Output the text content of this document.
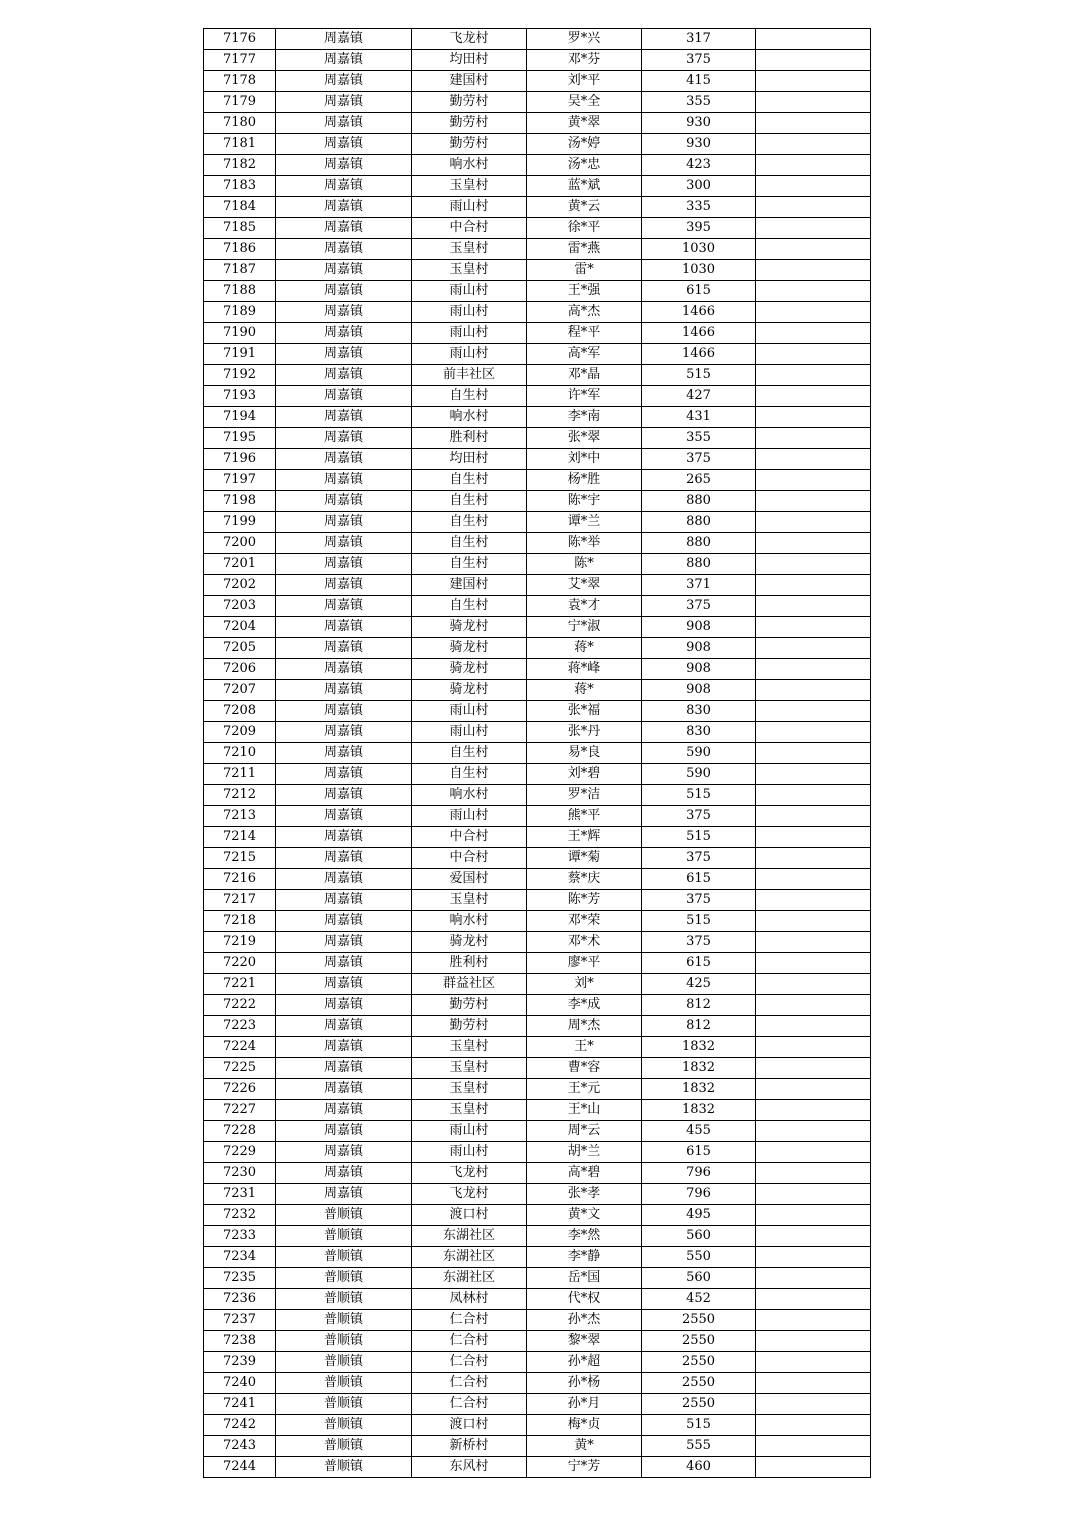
7176	周嘉镇	飞龙村	罗*兴	317	
7177	周嘉镇	均田村	邓*芬	375	
7178	周嘉镇	建国村	刘*平	415	
7179	周嘉镇	勤劳村	吴*全	355	
7180	周嘉镇	勤劳村	黄*翠	930	
7181	周嘉镇	勤劳村	汤*婷	930	
7182	周嘉镇	响水村	汤*忠	423	
7183	周嘉镇	玉皇村	蓝*斌	300	
7184	周嘉镇	雨山村	黄*云	335	
7185	周嘉镇	中合村	徐*平	395	
7186	周嘉镇	玉皇村	雷*燕	1030	
7187	周嘉镇	玉皇村	雷*	1030	
7188	周嘉镇	雨山村	王*强	615	
7189	周嘉镇	雨山村	高*杰	1466	
7190	周嘉镇	雨山村	程*平	1466	
7191	周嘉镇	雨山村	高*军	1466	
7192	周嘉镇	前丰社区	邓*晶	515	
7193	周嘉镇	自生村	许*军	427	
7194	周嘉镇	响水村	李*南	431	
7195	周嘉镇	胜利村	张*翠	355	
7196	周嘉镇	均田村	刘*中	375	
7197	周嘉镇	自生村	杨*胜	265	
7198	周嘉镇	自生村	陈*宇	880	
7199	周嘉镇	自生村	谭*兰	880	
7200	周嘉镇	自生村	陈*举	880	
7201	周嘉镇	自生村	陈*	880	
7202	周嘉镇	建国村	艾*翠	371	
7203	周嘉镇	自生村	袁*才	375	
7204	周嘉镇	骑龙村	宁*淑	908	
7205	周嘉镇	骑龙村	蒋*	908	
7206	周嘉镇	骑龙村	蒋*峰	908	
7207	周嘉镇	骑龙村	蒋*	908	
7208	周嘉镇	雨山村	张*福	830	
7209	周嘉镇	雨山村	张*丹	830	
7210	周嘉镇	自生村	易*良	590	
7211	周嘉镇	自生村	刘*碧	590	
7212	周嘉镇	响水村	罗*洁	515	
7213	周嘉镇	雨山村	熊*平	375	
7214	周嘉镇	中合村	王*辉	515	
7215	周嘉镇	中合村	谭*菊	375	
7216	周嘉镇	爱国村	蔡*庆	615	
7217	周嘉镇	玉皇村	陈*芳	375	
7218	周嘉镇	响水村	邓*荣	515	
7219	周嘉镇	骑龙村	邓*术	375	
7220	周嘉镇	胜利村	廖*平	615	
7221	周嘉镇	群益社区	刘*	425	
7222	周嘉镇	勤劳村	李*成	812	
7223	周嘉镇	勤劳村	周*杰	812	
7224	周嘉镇	玉皇村	王*	1832	
7225	周嘉镇	玉皇村	曹*容	1832	
7226	周嘉镇	玉皇村	王*元	1832	
7227	周嘉镇	玉皇村	王*山	1832	
7228	周嘉镇	雨山村	周*云	455	
7229	周嘉镇	雨山村	胡*兰	615	
7230	周嘉镇	飞龙村	高*碧	796	
7231	周嘉镇	飞龙村	张*孝	796	
7232	普顺镇	渡口村	黄*文	495	
7233	普顺镇	东湖社区	李*然	560	
7234	普顺镇	东湖社区	李*静	550	
7235	普顺镇	东湖社区	岳*国	560	
7236	普顺镇	凤林村	代*权	452	
7237	普顺镇	仁合村	孙*杰	2550	
7238	普顺镇	仁合村	黎*翠	2550	
7239	普顺镇	仁合村	孙*超	2550	
7240	普顺镇	仁合村	孙*杨	2550	
7241	普顺镇	仁合村	孙*月	2550	
7242	普顺镇	渡口村	梅*贞	515	
7243	普顺镇	新桥村	黄*	555	
7244	普顺镇	东风村	宁*芳	460	
